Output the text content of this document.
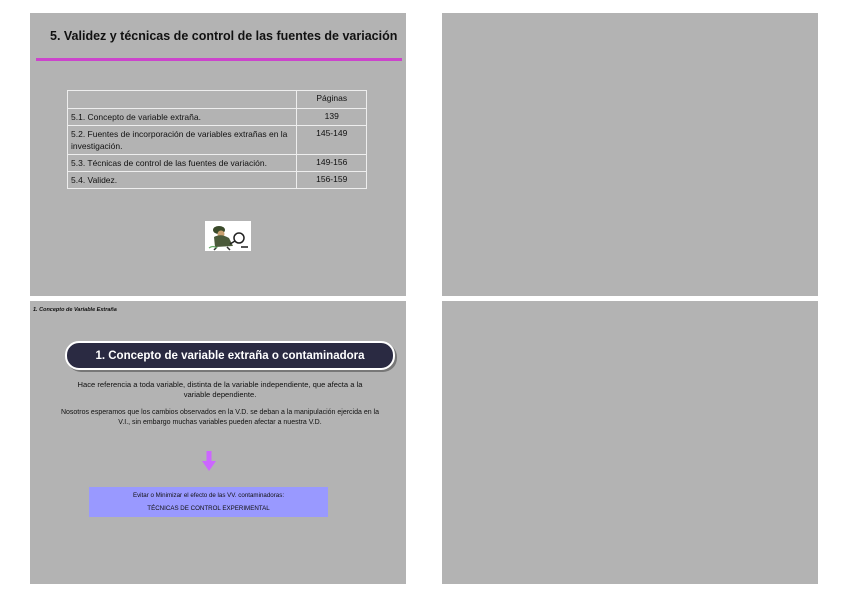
5. Validez y técnicas de control de las fuentes de variación
	Páginas
5.1. Concepto de variable extraña.	139
5.2. Fuentes de incorporación de variables extrañas en la investigación.	145-149
5.3. Técnicas de control de las fuentes de variación.	149-156
5.4. Validez.	156-159
1. Concepto de Variable Extraña
1. Concepto de variable extraña o contaminadora
Hace referencia a toda variable, distinta de la variable independiente, que afecta a la variable dependiente.
Nosotros esperamos que los cambios observados en la V.D. se deban a la manipulación ejercida en la V.I., sin embargo muchas variables pueden afectar a nuestra V.D.
Evitar o Minimizar el efecto de las VV. contaminadoras:
TÉCNICAS DE CONTROL EXPERIMENTAL
